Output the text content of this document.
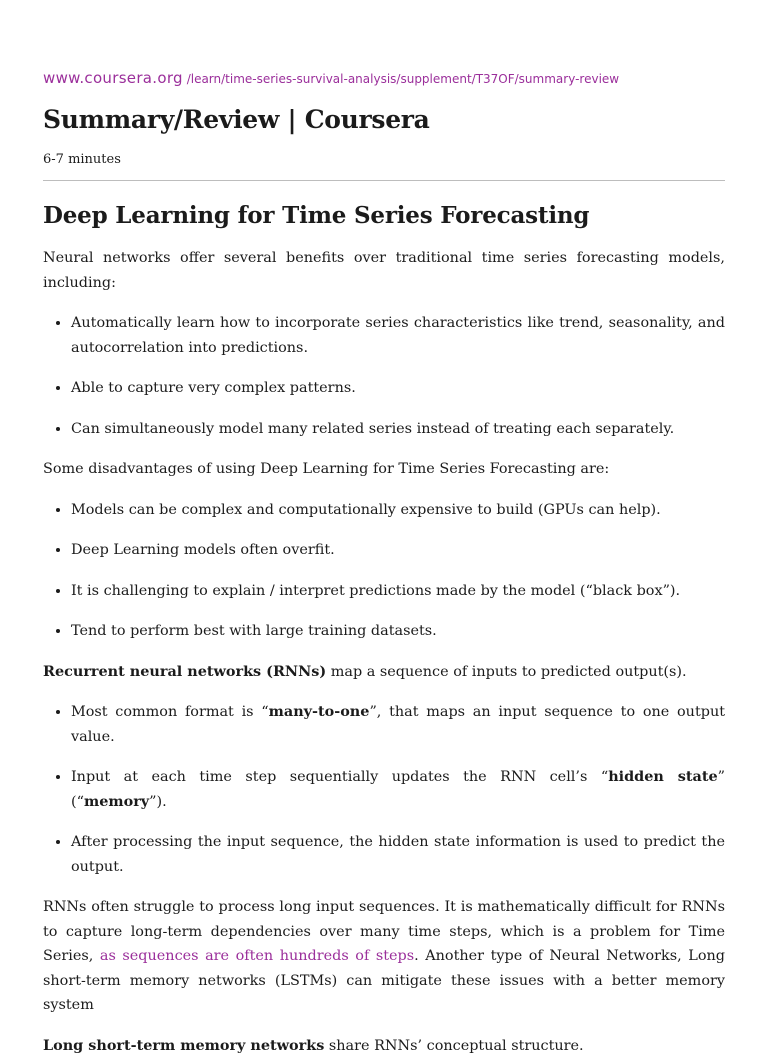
www.coursera.org /learn/time-series-survival-analysis/supplement/T37OF/summary-review
Summary/Review | Coursera
6-7 minutes
Deep Learning for Time Series Forecasting

Neural networks offer several benefits over traditional time series forecasting models, including:

• Automatically learn how to incorporate series characteristics like trend, seasonality, and autocorrelation into predictions.
• Able to capture very complex patterns.
• Can simultaneously model many related series instead of treating each separately.

Some disadvantages of using Deep Learning for Time Series Forecasting are:

• Models can be complex and computationally expensive to build (GPUs can help).
• Deep Learning models often overfit.
• It is challenging to explain / interpret predictions made by the model (“black box”).
• Tend to perform best with large training datasets.

Recurrent neural networks (RNNs) map a sequence of inputs to predicted output(s).

• Most common format is “many-to-one”, that maps an input sequence to one output value.
• Input at each time step sequentially updates the RNN cell’s “hidden state” (“memory”).
• After processing the input sequence, the hidden state information is used to predict the output.

RNNs often struggle to process long input sequences. It is mathematically difficult for RNNs to capture long-term dependencies over many time steps, which is a problem for Time Series, as sequences are often hundreds of steps. Another type of Neural Networks, Long short-term memory networks (LSTMs) can mitigate these issues with a better memory system

Long short-term memory networks share RNNs’ conceptual structure.
